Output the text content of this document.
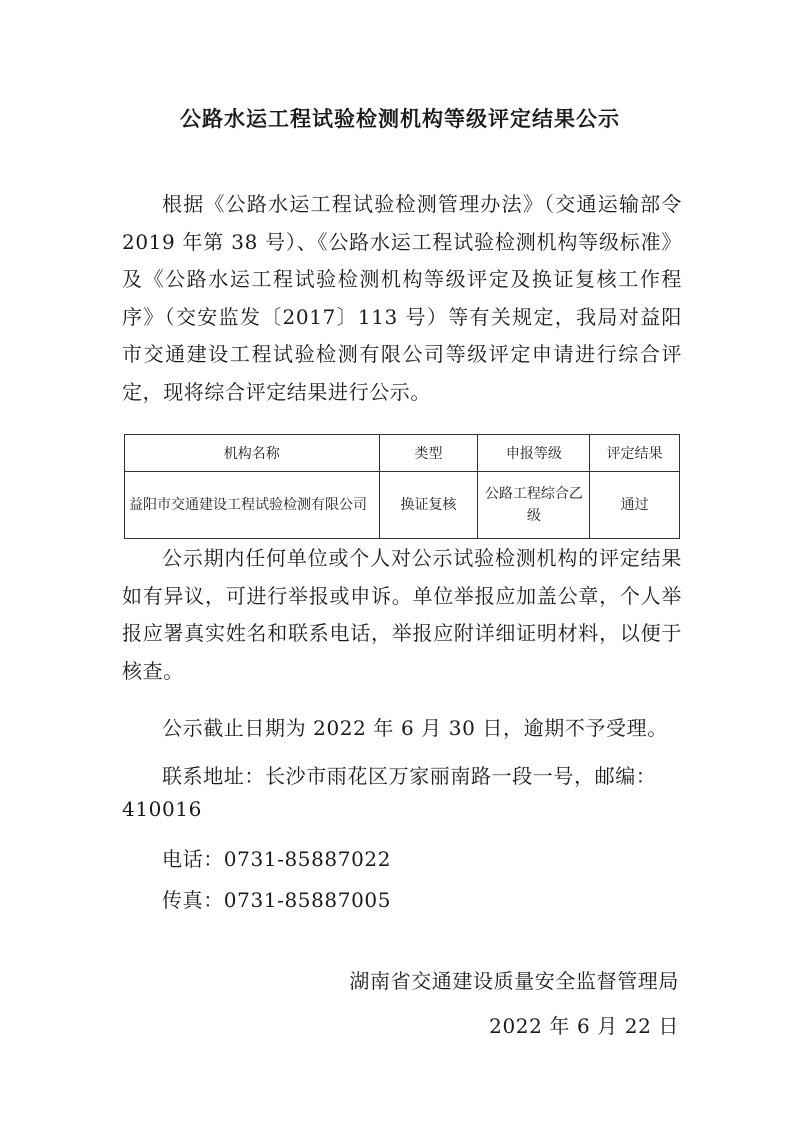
公路水运工程试验检测机构等级评定结果公示

根据《公路水运工程试验检测管理办法》（交通运输部令 2019 年第 38 号）、《公路水运工程试验检测机构等级标准》及《公路水运工程试验检测机构等级评定及换证复核工作程序》（交安监发〔2017〕113 号）等有关规定，我局对益阳市交通建设工程试验检测有限公司等级评定申请进行综合评定，现将综合评定结果进行公示。

机构名称	类型	申报等级	评定结果
益阳市交通建设工程试验检测有限公司	换证复核	公路工程综合乙级	通过

公示期内任何单位或个人对公示试验检测机构的评定结果如有异议，可进行举报或申诉。单位举报应加盖公章，个人举报应署真实姓名和联系电话，举报应附详细证明材料，以便于核查。

公示截止日期为 2022 年 6 月 30 日，逾期不予受理。
联系地址：长沙市雨花区万家丽南路一段一号，邮编：
410016
电话：0731-85887022
传真：0731-85887005
湖南省交通建设质量安全监督管理局
2022 年 6 月 22 日
